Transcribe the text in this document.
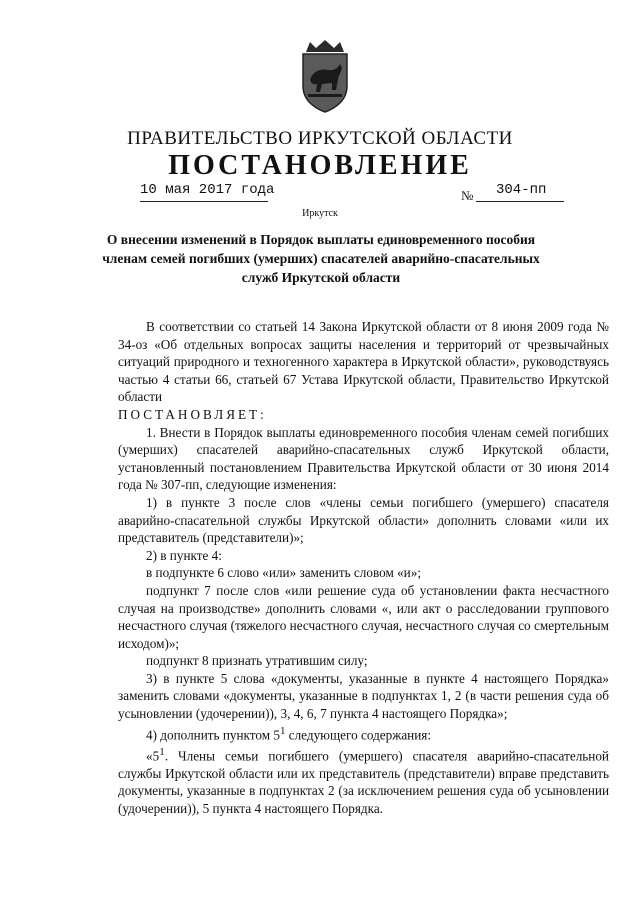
ПРАВИТЕЛЬСТВО ИРКУТСКОЙ ОБЛАСТИ
ПОСТАНОВЛЕНИЕ
10 мая 2017 года	№ 304-пп
Иркутск
О внесении изменений в Порядок выплаты единовременного пособия членам семей погибших (умерших) спасателей аварийно-спасательных служб Иркутской области

В соответствии со статьей 14 Закона Иркутской области от 8 июня 2009 года № 34-оз «Об отдельных вопросах защиты населения и территорий от чрезвычайных ситуаций природного и техногенного характера в Иркутской области», руководствуясь частью 4 статьи 66, статьей 67 Устава Иркутской области, Правительство Иркутской области

ПОСТАНОВЛЯЕТ:

1. Внести в Порядок выплаты единовременного пособия членам семей погибших (умерших) спасателей аварийно-спасательных служб Иркутской области, установленный постановлением Правительства Иркутской области от 30 июня 2014 года № 307-пп, следующие изменения:

1) в пункте 3 после слов «члены семьи погибшего (умершего) спасателя аварийно-спасательной службы Иркутской области» дополнить словами «или их представитель (представители)»;

2) в пункте 4:

в подпункте 6 слово «или» заменить словом «и»;

подпункт 7 после слов «или решение суда об установлении факта несчастного случая на производстве» дополнить словами «, или акт о расследовании группового несчастного случая (тяжелого несчастного случая, несчастного случая со смертельным исходом)»;

подпункт 8 признать утратившим силу;

3) в пункте 5 слова «документы, указанные в пункте 4 настоящего Порядка» заменить словами «документы, указанные в подпунктах 1, 2 (в части решения суда об усыновлении (удочерении)), 3, 4, 6, 7 пункта 4 настоящего Порядка»;

4) дополнить пунктом $5^1$ следующего содержания:

«$5^1$. Члены семьи погибшего (умершего) спасателя аварийно-спасательной службы Иркутской области или их представитель (представители) вправе представить документы, указанные в подпунктах 2 (за исключением решения суда об усыновлении (удочерении)), 5 пункта 4 настоящего Порядка.
